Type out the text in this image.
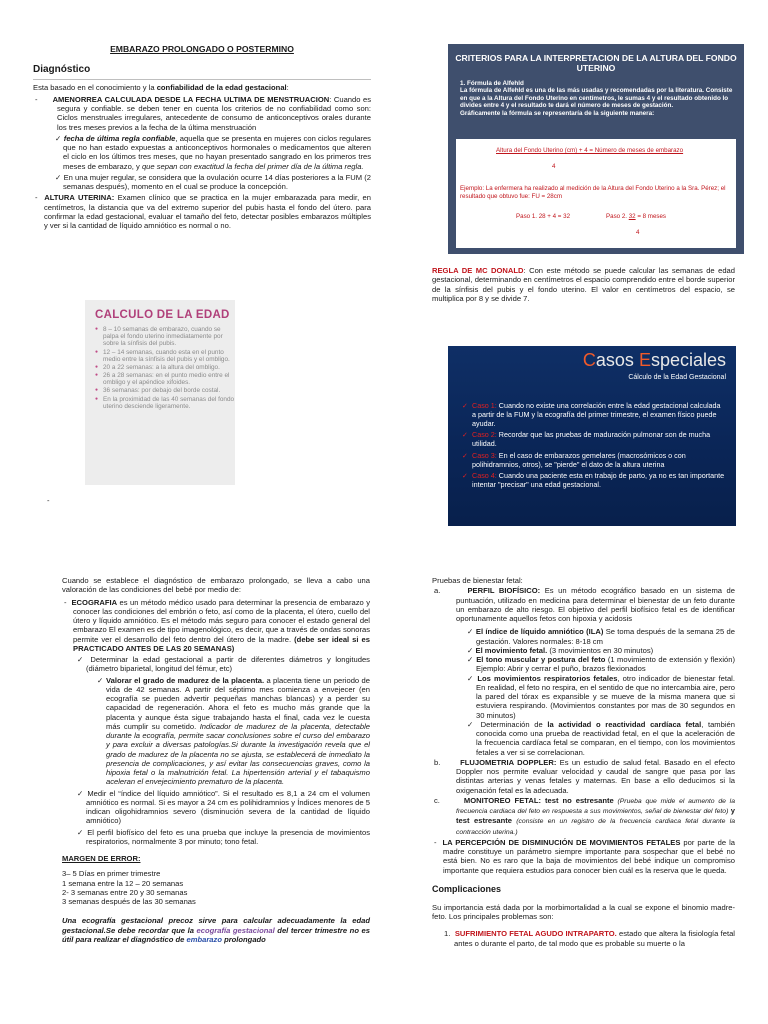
EMBARAZO PROLONGADO O POSTERMINO
Diagnóstico

Esta basado en el conocimiento y la confiabilidad de la edad gestacional:

- AMENORREA CALCULADA DESDE LA FECHA ULTIMA DE MENSTRUACION: Cuando es segura y confiable. se deben tener en cuenta los criterios de no confiabilidad como son: Ciclos menstruales irregulares, antecedente de consumo de anticonceptivos orales durante los tres meses previos a la fecha de la última menstruación
✓ fecha de última regla confiable, aquella que se presenta en mujeres con ciclos regulares que no han estado expuestas a anticonceptivos hormonales o medicamentos que alteren el ciclo en los últimos tres meses, que no hayan presentado sangrado en los primeros tres meses de embarazo, y que sepan con exactitud la fecha del primer día de la última regla.
✓ En una mujer regular, se considera que la ovulación ocurre 14 días posteriores a la FUM (2 semanas después), momento en el cual se produce la concepción.
- ALTURA UTERINA: Examen clínico que se practica en la mujer embarazada para medir, en centímetros, la distancia que va del extremo superior del pubis hasta el fondo del útero. para confirmar la edad gestacional, evaluar el tamaño del feto, detectar posibles embarazos múltiples y ver si la cantidad de líquido amniótico es normal o no.
CALCULO DE LA EDAD
● 8 – 10 semanas de embarazo, cuando se palpa el fondo uterino inmediatamente por sobre la sínfisis del pubis.
● 12 – 14 semanas, cuando esta en el punto medio entre la sínfisis del pubis y el ombligo.
● 20 a 22 semanas: a la altura del ombligo.
● 26 a 28 semanas: en el punto medio entre el ombligo y el apéndice xifoides.
● 36 semanas: por debajo del borde costal.
● En la proximidad de las 40 semanas del fondo uterino desciende ligeramente.
-
CRITERIOS PARA LA INTERPRETACION DE LA ALTURA DEL FONDO UTERINO
1. Fórmula de Alfehld
La fórmula de Alfehld es una de las más usadas y recomendadas por la literatura. Consiste en que a la Altura del Fondo Uterino en centímetros, le sumas 4 y el resultado obtenido lo divides entre 4 y el resultado te dará el número de meses de gestación.
Gráficamente la fórmula se representaría de la siguiente manera:
Altura del Fondo Uterino (cm) + 4 = Número de meses de embarazo
4
Ejemplo: La enfermera ha realizado al medición de la Altura del Fondo Uterino a la Sra. Pérez; el resultado que obtuvo fue: FU = 28cm
Paso 1. 28 + 4 = 32	Paso 2. 32 = 8 meses
4
REGLA DE MC DONALD: Con este método se puede calcular las semanas de edad gestacional, determinando en centímetros el espacio comprendido entre el borde superior de la sínfisis del pubis y el fondo uterino. El valor en centímetros del espacio, se multiplica por 8 y se divide 7.
Casos Especiales
Cálculo de la Edad Gestacional
✓ Caso 1: Cuando no existe una correlación entre la edad gestacional calculada a partir de la FUM y la ecografía del primer trimestre, el examen físico puede ayudar.
✓ Caso 2: Recordar que las pruebas de maduración pulmonar son de mucha utilidad.
✓ Caso 3: En el caso de embarazos gemelares (macrosómicos o con polihidramnios, otros), se "pierde" el dato de la altura uterina
✓ Caso 4: Cuando una paciente esta en trabajo de parto, ya no es tan importante intentar "precisar" una edad gestacional.

Cuando se establece el diagnóstico de embarazo prolongado, se lleva a cabo una valoración de las condiciones del bebé por medio de:

- ECOGRAFIA es un método médico usado para determinar la presencia de embarazo y conocer las condiciones del embrión o feto, así como de la placenta, el útero, cuello del útero y líquido amniótico. Es el método más seguro para conocer el estado general del embarazo El examen es de tipo imagenológico, es decir, que a través de ondas sonoras permite ver el desarrollo del feto dentro del útero de la madre. (debe ser ideal si es PRACTICADO ANTES DE LAS 20 SEMANAS)
✓ Determinar la edad gestacional a partir de diferentes diámetros y longitudes (diámetro biparietal, longitud del fémur, etc)
✓ Valorar el grado de madurez de la placenta. a placenta tiene un periodo de vida de 42 semanas. A partir del séptimo mes comienza a envejecer (en ecografía se pueden advertir pequeñas manchas blancas) y a perder su capacidad de regeneración. Ahora el feto es mucho más grande que la placenta y aunque ésta sigue trabajando hasta el final, cada vez le cuesta más cumplir su cometido. Indicador de madurez de la placenta, detectable durante la ecografía, permite sacar conclusiones sobre el curso del embarazo y para excluir a diversas patologías.Si durante la investigación revela que el grado de madurez de la placenta no se ajusta, se establecerá de inmediato la presencia de complicaciones, y así evitar las consecuencias graves, como la hipoxia fetal o la malnutrición fetal. La hipertensión arterial y el tabaquismo aceleran el envejecimiento prematuro de la placenta.
✓ Medir el “índice del líquido amniótico”. Si el resultado es 8,1 a 24 cm el volumen amniótico es normal. Si es mayor a 24 cm es polihidramnios y Índices menores de 5 indican oligohidramnios severo (disminución severa de la cantidad de líquido amniótico)
✓ El perfil biofísico del feto es una prueba que incluye la presencia de movimientos respiratorios, normalmente 3 por minuto; tono fetal.
MARGEN DE ERROR:
3– 5 Días en primer trimestre
1 semana entre la 12 – 20 semanas
2- 3 semanas entre 20 y 30 semanas
3 semanas después de las 30 semanas

Una ecografía gestacional precoz sirve para calcular adecuadamente la edad gestacional.Se debe recordar que la ecografía gestacional del tercer trimestre no es útil para realizar el diagnóstico de embarazo prolongado

Pruebas de bienestar fetal:
a.	PERFIL BIOFÍSICO: Es un método ecográfico basado en un sistema de puntuación, utilizado en medicina para determinar el bienestar de un feto durante un embarazo de alto riesgo. El objetivo del perfil biofísico fetal es de identificar oportunamente aquellos fetos con hipoxia y acidosis
✓ El índice de líquido amniótico (ILA) Se toma después de la semana 25 de gestación. Valores normales: 8-18 cm
✓ El movimiento fetal. (3 movimientos en 30 minutos)
✓ El tono muscular y postura del feto (1 movimiento de extensión y flexión) Ejemplo: Abrir y cerrar el puño, brazos flexionados
✓ Los movimientos respiratorios fetales, otro indicador de bienestar fetal. En realidad, el feto no respira, en el sentido de que no intercambia aire, pero la pared del tórax es expansible y se mueve de la misma manera que si estuviera respirando. (Movimientos constantes por mas de 30 segundos en 30 minutos)
✓ Determinación de la actividad o reactividad cardíaca fetal, también conocida como una prueba de reactividad fetal, en el que la aceleración de la frecuencia cardíaca fetal se comparan, en el tiempo, con los movimientos fetales a ver si se correlacionan.
b.	FLUJOMETRIA DOPPLER: Es un estudio de salud fetal. Basado en el efecto Doppler nos permite evaluar velocidad y caudal de sangre que pasa por las distintas arterias y venas fetales y maternas. En base a ello deducimos si la oxigenación fetal es la adecuada.
c.	MONITOREO FETAL: test no estresante (Prueba que mide el aumento de la frecuencia cardiaca del feto en respuesta a sus movimientos, señal de bienestar del feto) y test estresante (consiste en un registro de la frecuencia cardiaca fetal durante la contracción uterina.)
- LA PERCEPCIÓN DE DISMINUCIÓN DE MOVIMIENTOS FETALES por parte de la madre constituye un parámetro siempre importante para sospechar que el bebé no está bien. No es raro que la baja de movimientos del bebé indique un compromiso importante que requiera estudios para conocer bien cuál es la reserva que le queda.
Complicaciones

Su importancia está dada por la morbimortalidad a la cual se expone el binomio madre-feto. Los principales problemas son:

1. SUFRIMIENTO FETAL AGUDO INTRAPARTO. estado que altera la fisiología fetal antes o durante el parto, de tal modo que es probable su muerte o la
